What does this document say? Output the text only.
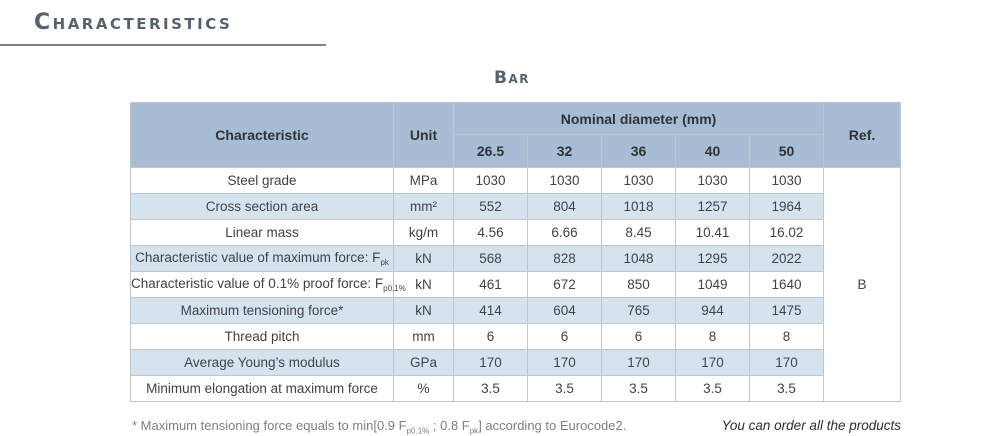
Characteristics
Bar
Characteristic	Unit	Nominal diameter (mm)					Ref.
		26.5	32	36	40	50	
Steel grade	MPa	1030	1030	1030	1030	1030	B
Cross section area	mm²	552	804	1018	1257	1964	
Linear mass	kg/m	4.56	6.66	8.45	10.41	16.02	
Characteristic value of maximum force: $F_{pk}$	kN	568	828	1048	1295	2022	
Characteristic value of 0.1% proof force: $F_{p0.1\%}$	kN	461	672	850	1049	1640	
Maximum tensioning force*	kN	414	604	765	944	1475	
Thread pitch	mm	6	6	6	8	8	
Average Young’s modulus	GPa	170	170	170	170	170	
Minimum elongation at maximum force	%	3.5	3.5	3.5	3.5	3.5	
* Maximum tensioning force equals to min[0.9 $F_{p0.1\%}$ ; 0.8 $F_{pk}$] according to Eurocode2.	You can order all the products
